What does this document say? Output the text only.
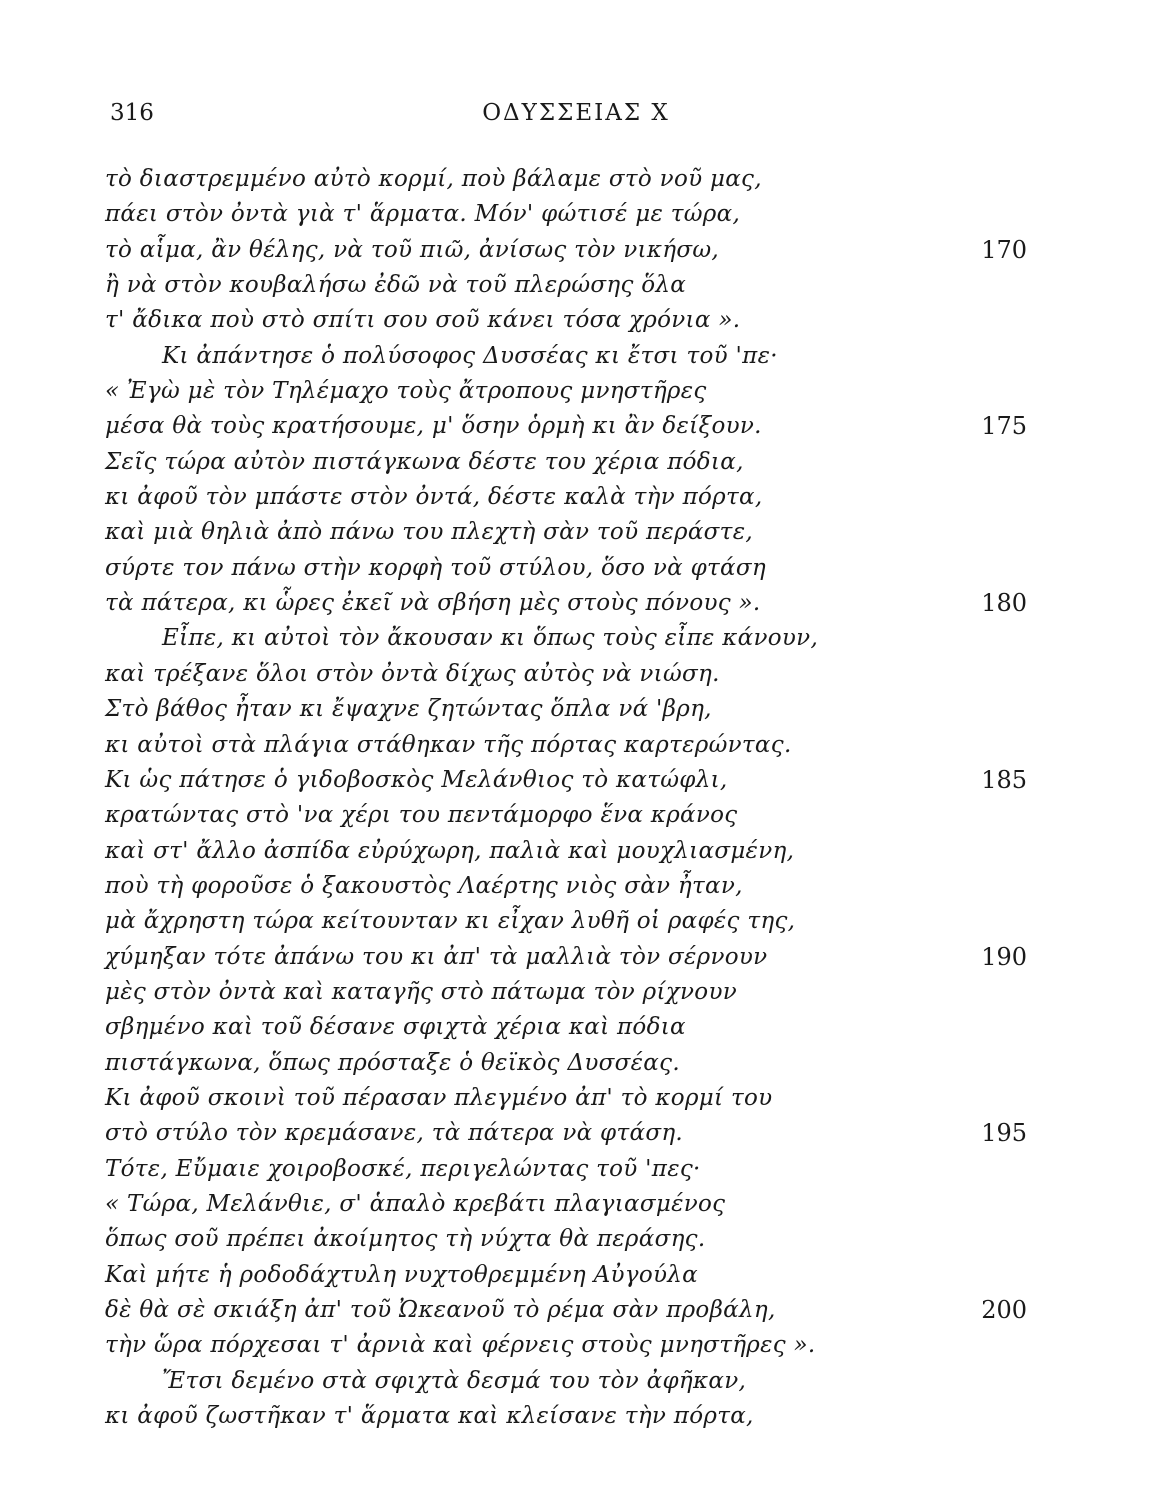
316	ΟΔΥΣΣΕΙΑΣ Χ
τὸ διαστρεμμένο αὐτὸ κορμί, ποὺ βάλαμε στὸ νοῦ μας,
πάει στὸν ὀντὰ γιὰ τ' ἅρματα. Μόν' φώτισέ με τώρα,
τὸ αἷμα, ἂν θέλης, νὰ τοῦ πιῶ, ἀνίσως τὸν νικήσω,	170
ἢ νὰ στὸν κουβαλήσω ἐδῶ νὰ τοῦ πλερώσης ὅλα
τ' ἄδικα ποὺ στὸ σπίτι σου σοῦ κάνει τόσα χρόνια ».
Κι ἀπάντησε ὁ πολύσοφος Δυσσέας κι ἔτσι τοῦ 'πε·
« Ἐγὼ μὲ τὸν Τηλέμαχο τοὺς ἄτροπους μνηστῆρες
μέσα θὰ τοὺς κρατήσουμε, μ' ὅσην ὁρμὴ κι ἂν δείξουν.	175
Σεῖς τώρα αὐτὸν πιστάγκωνα δέστε του χέρια πόδια,
κι ἀφοῦ τὸν μπάστε στὸν ὀντά, δέστε καλὰ τὴν πόρτα,
καὶ μιὰ θηλιὰ ἀπὸ πάνω του πλεχτὴ σὰν τοῦ περάστε,
σύρτε τον πάνω στὴν κορφὴ τοῦ στύλου, ὅσο νὰ φτάση
τὰ πάτερα, κι ὧρες ἐκεῖ νὰ σβήση μὲς στοὺς πόνους ».	180
Εἶπε, κι αὐτοὶ τὸν ἄκουσαν κι ὅπως τοὺς εἶπε κάνουν,
καὶ τρέξανε ὅλοι στὸν ὀντὰ δίχως αὐτὸς νὰ νιώση.
Στὸ βάθος ἦταν κι ἔψαχνε ζητώντας ὅπλα νά 'βρη,
κι αὐτοὶ στὰ πλάγια στάθηκαν τῆς πόρτας καρτερώντας.
Κι ὡς πάτησε ὁ γιδοβοσκὸς Μελάνθιος τὸ κατώφλι,	185
κρατώντας στὸ 'να χέρι του πεντάμορφο ἕνα κράνος
καὶ στ' ἄλλο ἀσπίδα εὐρύχωρη, παλιὰ καὶ μουχλιασμένη,
ποὺ τὴ φοροῦσε ὁ ξακουστὸς Λαέρτης νιὸς σὰν ἦταν,
μὰ ἄχρηστη τώρα κείτουνταν κι εἶχαν λυθῆ οἱ ραφές της,
χύμηξαν τότε ἀπάνω του κι ἀπ' τὰ μαλλιὰ τὸν σέρνουν	190
μὲς στὸν ὀντὰ καὶ καταγῆς στὸ πάτωμα τὸν ρίχνουν
σβημένο καὶ τοῦ δέσανε σφιχτὰ χέρια καὶ πόδια
πιστάγκωνα, ὅπως πρόσταξε ὁ θεϊκὸς Δυσσέας.
Κι ἀφοῦ σκοινὶ τοῦ πέρασαν πλεγμένο ἀπ' τὸ κορμί του
στὸ στύλο τὸν κρεμάσανε, τὰ πάτερα νὰ φτάση.	195
Τότε, Εὔμαιε χοιροβοσκέ, περιγελώντας τοῦ 'πες·
« Τώρα, Μελάνθιε, σ' ἁπαλὸ κρεβάτι πλαγιασμένος
ὅπως σοῦ πρέπει ἀκοίμητος τὴ νύχτα θὰ περάσης.
Καὶ μήτε ἡ ροδοδάχτυλη νυχτοθρεμμένη Αὐγούλα
δὲ θὰ σὲ σκιάξη ἀπ' τοῦ Ὠκεανοῦ τὸ ρέμα σὰν προβάλη,	200
τὴν ὥρα πόρχεσαι τ' ἀρνιὰ καὶ φέρνεις στοὺς μνηστῆρες ».
Ἔτσι δεμένο στὰ σφιχτὰ δεσμά του τὸν ἀφῆκαν,
κι ἀφοῦ ζωστῆκαν τ' ἅρματα καὶ κλείσανε τὴν πόρτα,
